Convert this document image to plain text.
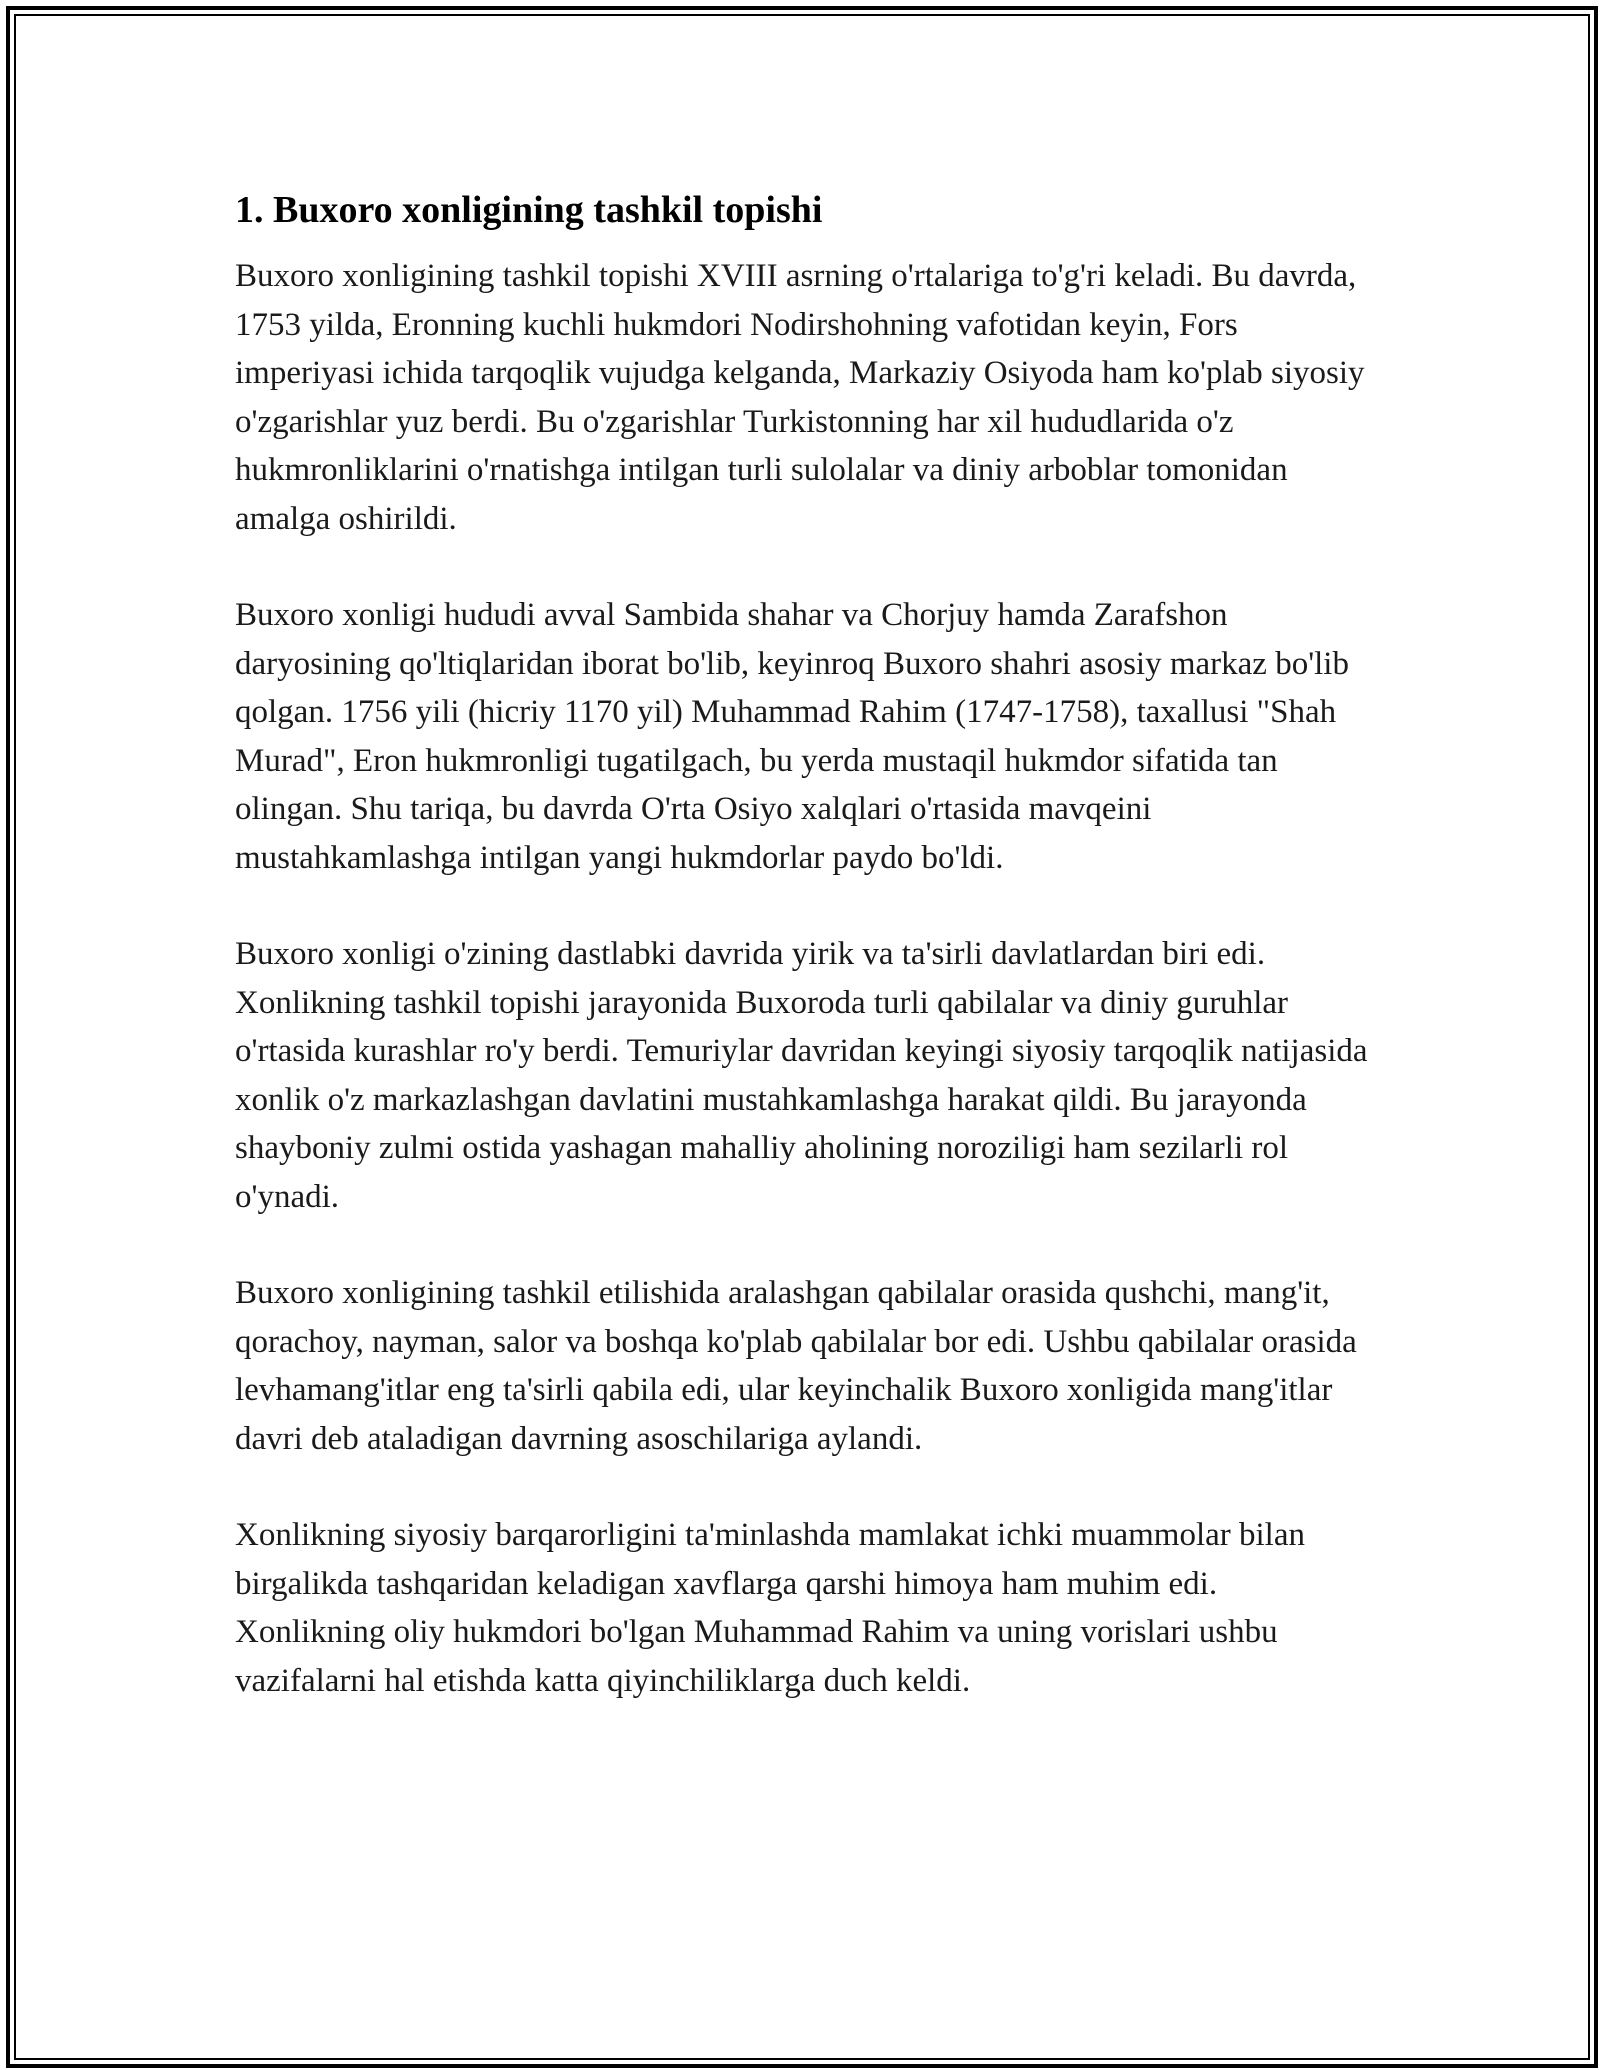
1. Buxoro xonligining tashkil topishi

Buxoro xonligining tashkil topishi XVIII asrning o'rtalariga to'g'ri keladi. Bu davrda, 1753 yilda, Eronning kuchli hukmdori Nodirshohning vafotidan keyin, Fors imperiyasi ichida tarqoqlik vujudga kelganda, Markaziy Osiyoda ham ko'plab siyosiy o'zgarishlar yuz berdi. Bu o'zgarishlar Turkistonning har xil hududlarida o'z hukmronliklarini o'rnatishga intilgan turli sulolalar va diniy arboblar tomonidan amalga oshirildi.

Buxoro xonligi hududi avval Sambida shahar va Chorjuy hamda Zarafshon daryosining qo'ltiqlaridan iborat bo'lib, keyinroq Buxoro shahri asosiy markaz bo'lib qolgan. 1756 yili (hicriy 1170 yil) Muhammad Rahim (1747-1758), taxallusi "Shah Murad", Eron hukmronligi tugatilgach, bu yerda mustaqil hukmdor sifatida tan olingan. Shu tariqa, bu davrda O'rta Osiyo xalqlari o'rtasida mavqeini mustahkamlashga intilgan yangi hukmdorlar paydo bo'ldi.

Buxoro xonligi o'zining dastlabki davrida yirik va ta'sirli davlatlardan biri edi. Xonlikning tashkil topishi jarayonida Buxoroda turli qabilalar va diniy guruhlar o'rtasida kurashlar ro'y berdi. Temuriylar davridan keyingi siyosiy tarqoqlik natijasida xonlik o'z markazlashgan davlatini mustahkamlashga harakat qildi. Bu jarayonda shayboniy zulmi ostida yashagan mahalliy aholining noroziligi ham sezilarli rol o'ynadi.

Buxoro xonligining tashkil etilishida aralashgan qabilalar orasida qushchi, mang'it, qorachoy, nayman, salor va boshqa ko'plab qabilalar bor edi. Ushbu qabilalar orasida levhamang'itlar eng ta'sirli qabila edi, ular keyinchalik Buxoro xonligida mang'itlar davri deb ataladigan davrning asoschilariga aylandi.

Xonlikning siyosiy barqarorligini ta'minlashda mamlakat ichki muammolar bilan birgalikda tashqaridan keladigan xavflarga qarshi himoya ham muhim edi. Xonlikning oliy hukmdori bo'lgan Muhammad Rahim va uning vorislari ushbu vazifalarni hal etishda katta qiyinchiliklarga duch keldi.
